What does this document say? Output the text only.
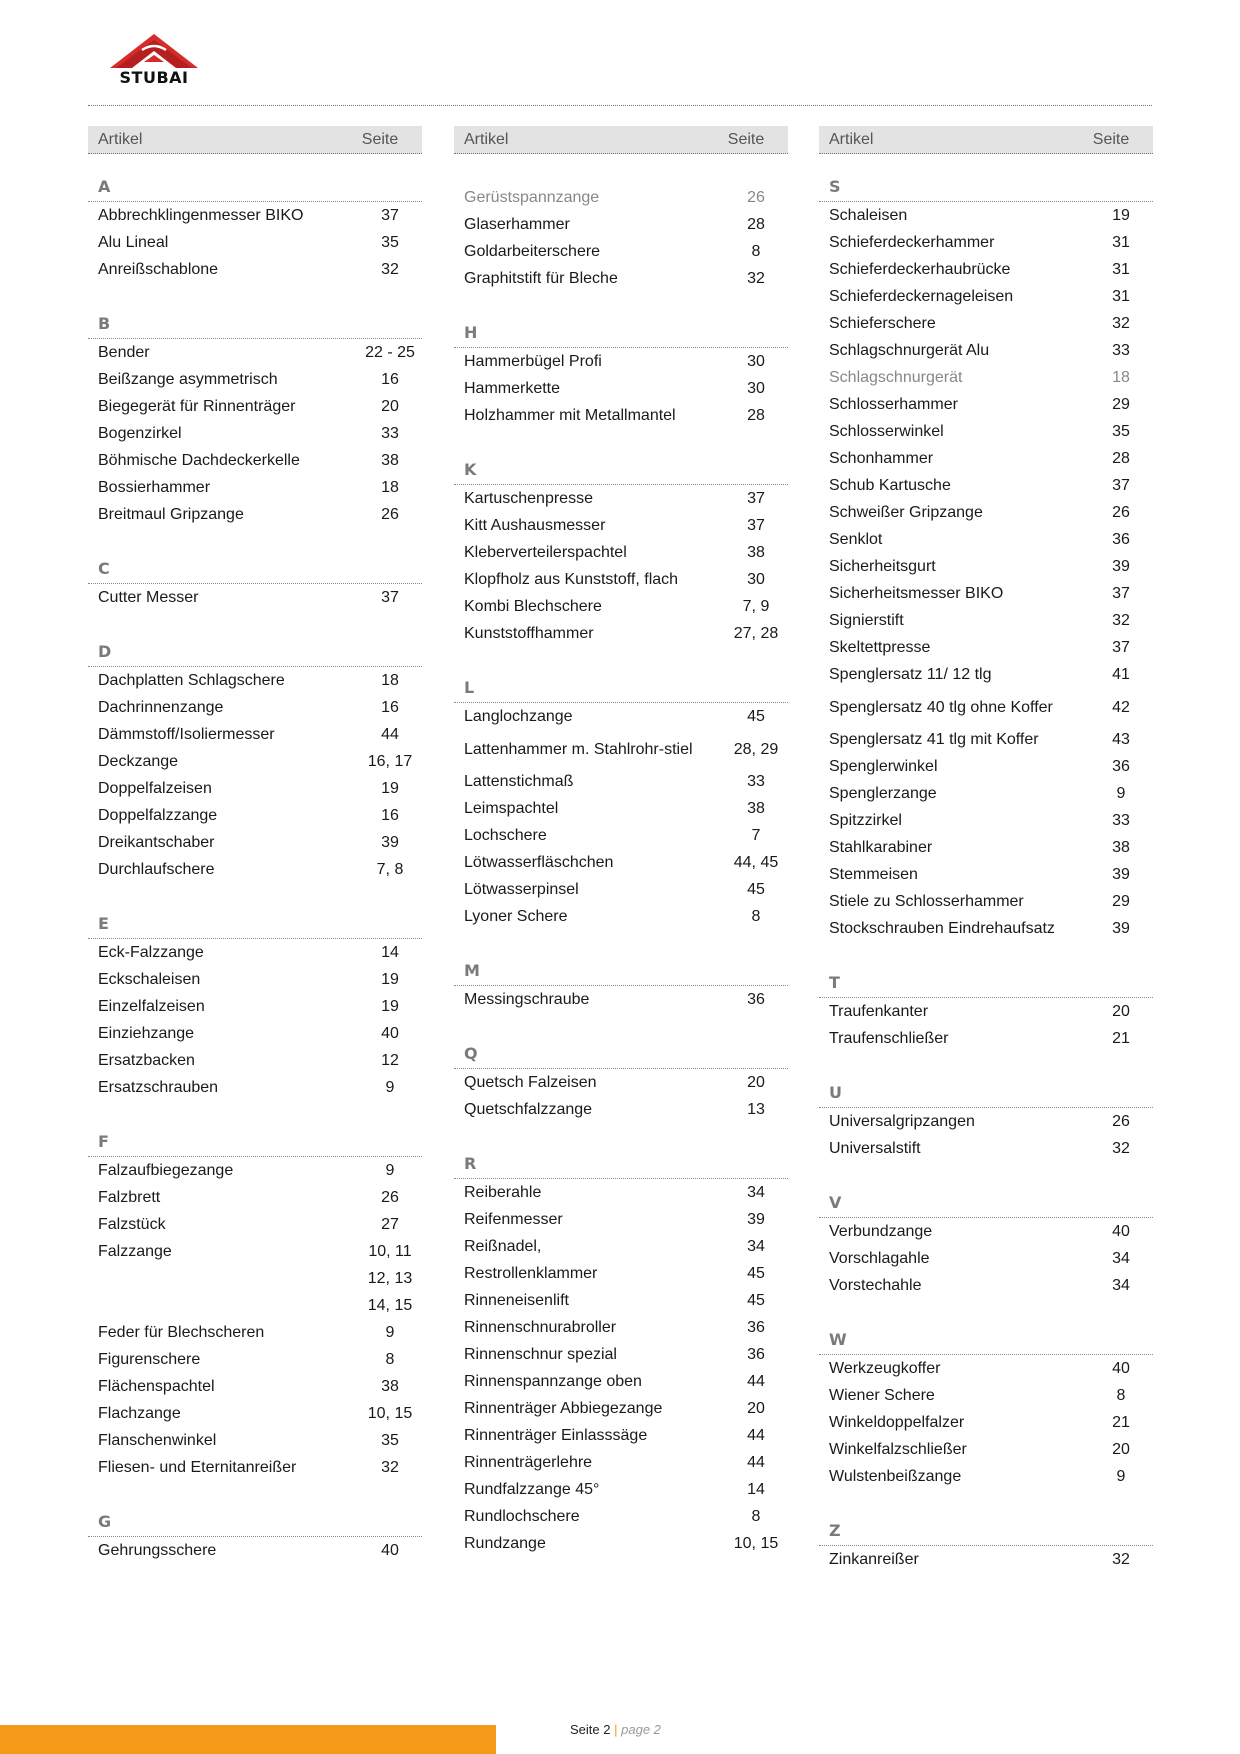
STUBAI
Artikel	Seite
A
Abbrechklingenmesser BIKO	37
Alu Lineal	35
Anreißschablone	32
B
Bender	22 - 25
Beißzange asymmetrisch	16
Biegegerät für Rinnenträger	20
Bogenzirkel	33
Böhmische Dachdeckerkelle	38
Bossierhammer	18
Breitmaul Gripzange	26
C
Cutter Messer	37
D
Dachplatten Schlagschere	18
Dachrinnenzange	16
Dämmstoff/Isoliermesser	44
Deckzange	16, 17
Doppelfalzeisen	19
Doppelfalzzange	16
Dreikantschaber	39
Durchlaufschere	7, 8
E
Eck-Falzzange	14
Eckschaleisen	19
Einzelfalzeisen	19
Einziehzange	40
Ersatzbacken	12
Ersatzschrauben	9
F
Falzaufbiegezange	9
Falzbrett	26
Falzstück	27
Falzzange	10, 11
12, 13
14, 15
Feder für Blechscheren	9
Figurenschere	8
Flächenspachtel	38
Flachzange	10, 15
Flanschenwinkel	35
Fliesen- und Eternitanreißer	32
G
Gehrungsschere	40
Artikel	Seite
Gerüstspannzange	26
Glaserhammer	28
Goldarbeiterschere	8
Graphitstift für Bleche	32
H
Hammerbügel Profi	30
Hammerkette	30
Holzhammer mit Metallmantel	28
K
Kartuschenpresse	37
Kitt Aushausmesser	37
Kleberverteilerspachtel	38
Klopfholz aus Kunststoff, flach	30
Kombi Blechschere	7, 9
Kunststoffhammer	27, 28
L
Langlochzange	45
Lattenhammer m. Stahlrohr-stiel	28, 29
Lattenstichmaß	33
Leimspachtel	38
Lochschere	7
Lötwasserfläschchen	44, 45
Lötwasserpinsel	45
Lyoner Schere	8
M
Messingschraube	36
Q
Quetsch Falzeisen	20
Quetschfalzzange	13
R
Reiberahle	34
Reifenmesser	39
Reißnadel,	34
Restrollenklammer	45
Rinneneisenlift	45
Rinnenschnurabroller	36
Rinnenschnur spezial	36
Rinnenspannzange oben	44
Rinnenträger Abbiegezange	20
Rinnenträger Einlasssäge	44
Rinnenträgerlehre	44
Rundfalzzange 45°	14
Rundlochschere	8
Rundzange	10, 15
Artikel	Seite
S
Schaleisen	19
Schieferdeckerhammer	31
Schieferdeckerhaubrücke	31
Schieferdeckernageleisen	31
Schieferschere	32
Schlagschnurgerät Alu	33
Schlagschnurgerät	18
Schlosserhammer	29
Schlosserwinkel	35
Schonhammer	28
Schub Kartusche	37
Schweißer Gripzange	26
Senklot	36
Sicherheitsgurt	39
Sicherheitsmesser BIKO	37
Signierstift	32
Skeltettpresse	37
Spenglersatz 11/ 12 tlg	41
Spenglersatz 40 tlg ohne Koffer	42
Spenglersatz 41 tlg mit Koffer	43
Spenglerwinkel	36
Spenglerzange	9
Spitzzirkel	33
Stahlkarabiner	38
Stemmeisen	39
Stiele zu Schlosserhammer	29
Stockschrauben Eindrehaufsatz	39
T
Traufenkanter	20
Traufenschließer	21
U
Universalgripzangen	26
Universalstift	32
V
Verbundzange	40
Vorschlagahle	34
Vorstechahle	34
W
Werkzeugkoffer	40
Wiener Schere	8
Winkeldoppelfalzer	21
Winkelfalzschließer	20
Wulstenbeißzange	9
Z
Zinkanreißer	32
Seite 2 | page 2
